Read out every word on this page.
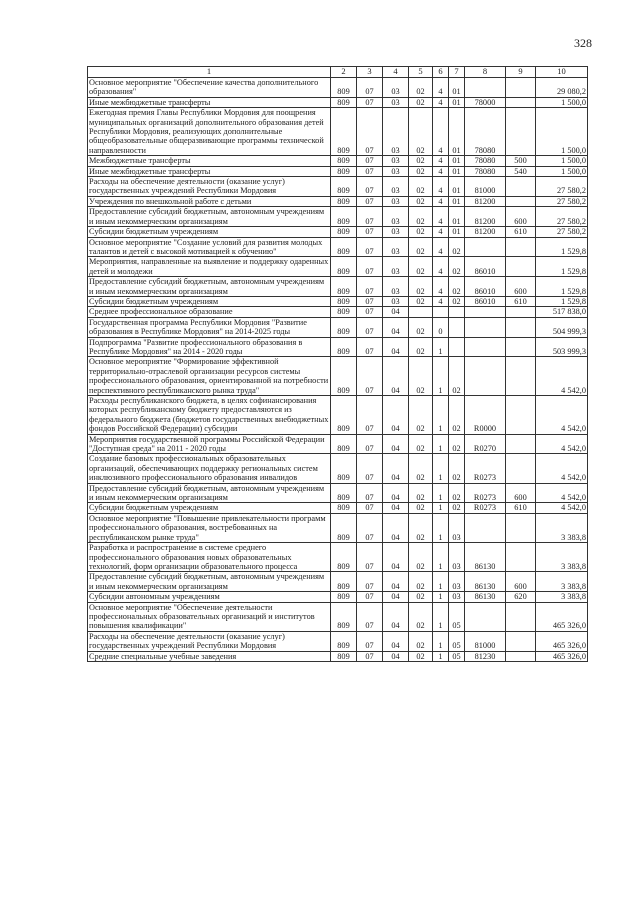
328
1	2	3	4	5	6	7	8	9	10
Основное мероприятие "Обеспечение качества дополнительного образования"	809	07	03	02	4	01			29 080,2
Иные межбюджетные трансферты	809	07	03	02	4	01	78000		1 500,0
Ежегодная премия Главы Республики Мордовия для поощрения муниципальных организаций дополнительного образования детей Республики Мордовия, реализующих дополнительные общеобразовательные общеразвивающие программы технической направленности	809	07	03	02	4	01	78080		1 500,0
Межбюджетные трансферты	809	07	03	02	4	01	78080	500	1 500,0
Иные межбюджетные трансферты	809	07	03	02	4	01	78080	540	1 500,0
Расходы на обеспечение деятельности (оказание услуг) государственных учреждений Республики Мордовия	809	07	03	02	4	01	81000		27 580,2
Учреждения по внешкольной работе с детьми	809	07	03	02	4	01	81200		27 580,2
Предоставление субсидий бюджетным, автономным учреждениям и иным некоммерческим организациям	809	07	03	02	4	01	81200	600	27 580,2
Субсидии бюджетным учреждениям	809	07	03	02	4	01	81200	610	27 580,2
Основное мероприятие "Создание условий для развития молодых талантов и детей с высокой мотивацией к обучению"	809	07	03	02	4	02			1 529,8
Мероприятия, направленные на выявление и поддержку одаренных детей и молодежи	809	07	03	02	4	02	86010		1 529,8
Предоставление субсидий бюджетным, автономным учреждениям и иным некоммерческим организациям	809	07	03	02	4	02	86010	600	1 529,8
Субсидии бюджетным учреждениям	809	07	03	02	4	02	86010	610	1 529,8
Среднее профессиональное образование	809	07	04						517 838,0
Государственная программа Республики Мордовия "Развитие образования в Республике Мордовия" на 2014-2025 годы	809	07	04	02	0				504 999,3
Подпрограмма "Развитие профессионального образования в Республике Мордовия" на 2014 - 2020 годы	809	07	04	02	1				503 999,3
Основное мероприятие "Формирование эффективной территориально-отраслевой организации ресурсов системы профессионального образования, ориентированной на потребности перспективного республиканского рынка труда"	809	07	04	02	1	02			4 542,0
Расходы республиканского бюджета, в целях софинансирования которых республиканскому бюджету предоставляются из федерального бюджета (бюджетов государственных внебюджетных фондов Российской Федерации) субсидии	809	07	04	02	1	02	R0000		4 542,0
Мероприятия государственной программы Российской Федерации "Доступная среда" на 2011 - 2020 годы	809	07	04	02	1	02	R0270		4 542,0
Создание базовых профессиональных образовательных организаций, обеспечивающих поддержку региональных систем инклюзивного профессионального образования инвалидов	809	07	04	02	1	02	R0273		4 542,0
Предоставление субсидий бюджетным, автономным учреждениям и иным некоммерческим организациям	809	07	04	02	1	02	R0273	600	4 542,0
Субсидии бюджетным учреждениям	809	07	04	02	1	02	R0273	610	4 542,0
Основное мероприятие "Повышение привлекательности программ профессионального образования, востребованных на республиканском рынке труда"	809	07	04	02	1	03			3 383,8
Разработка и распространение в системе среднего профессионального образования новых образовательных технологий, форм организации образовательного процесса	809	07	04	02	1	03	86130		3 383,8
Предоставление субсидий бюджетным, автономным учреждениям и иным некоммерческим организациям	809	07	04	02	1	03	86130	600	3 383,8
Субсидии автономным учреждениям	809	07	04	02	1	03	86130	620	3 383,8
Основное мероприятие "Обеспечение деятельности профессиональных образовательных организаций и институтов повышения квалификации"	809	07	04	02	1	05			465 326,0
Расходы на обеспечение деятельности (оказание услуг) государственных учреждений Республики Мордовия	809	07	04	02	1	05	81000		465 326,0
Средние специальные учебные заведения	809	07	04	02	1	05	81230		465 326,0
